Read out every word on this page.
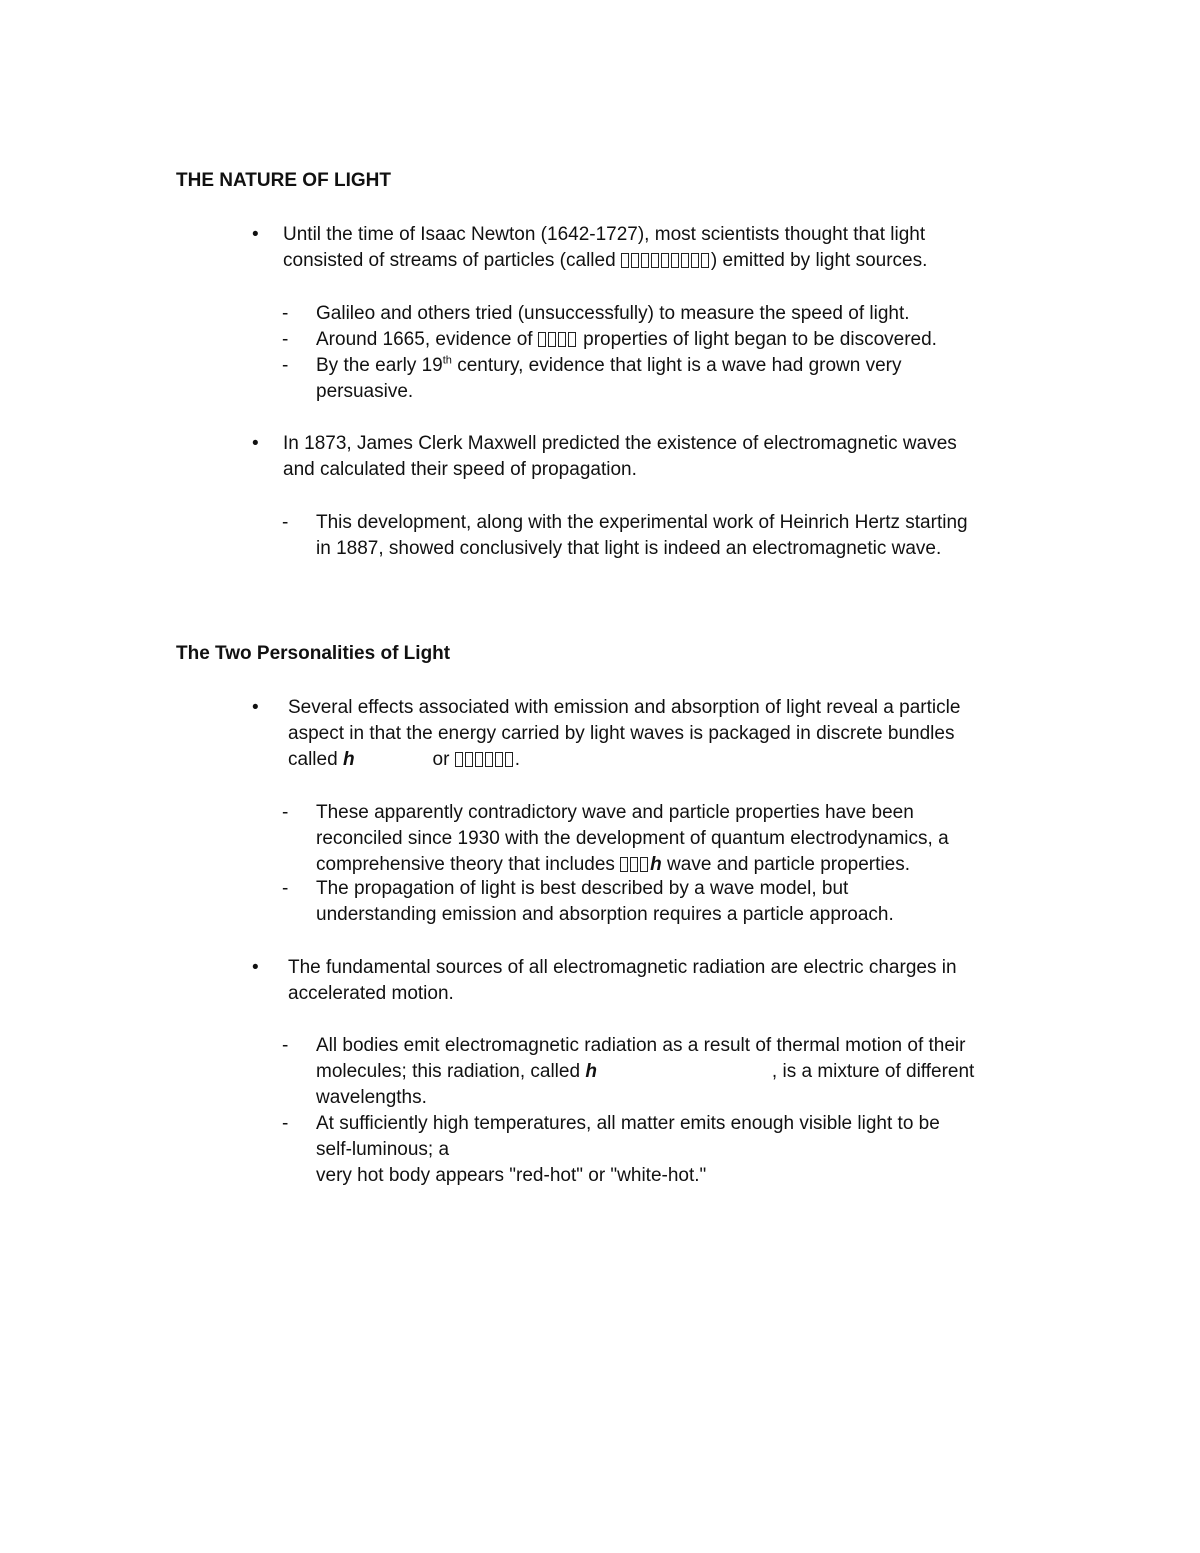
THE NATURE OF LIGHT
• Until the time of Isaac Newton (1642-1727), most scientists thought that light
consisted of streams of particles (called	) emitted by light sources.
- Galileo and others tried (unsuccessfully) to measure the speed of light.
- Around 1665, evidence of	properties of light began to be discovered.
- By the early 19th century, evidence that light is a wave had grown very
persuasive.
• In 1873, James Clerk Maxwell predicted the existence of electromagnetic waves
and calculated their speed of propagation.
- This development, along with the experimental work of Heinrich Hertz starting
in 1887, showed conclusively that light is indeed an electromagnetic wave.
The Two Personalities of Light
• Several effects associated with emission and absorption of light reveal a particle
aspect in that the energy carried by light waves is packaged in discrete bundles
called h	or	.
- These apparently contradictory wave and particle properties have been
reconciled since 1930 with the development of quantum electrodynamics, a
comprehensive theory that includes h wave and particle properties.
- The propagation of light is best described by a wave model, but
understanding emission and absorption requires a particle approach.
• The fundamental sources of all electromagnetic radiation are electric charges in
accelerated motion.
- All bodies emit electromagnetic radiation as a result of thermal motion of their
molecules; this radiation, called h	, is a mixture of different
wavelengths.
- At sufficiently high temperatures, all matter emits enough visible light to be
self-luminous; a
very hot body appears "red-hot" or "white-hot."
